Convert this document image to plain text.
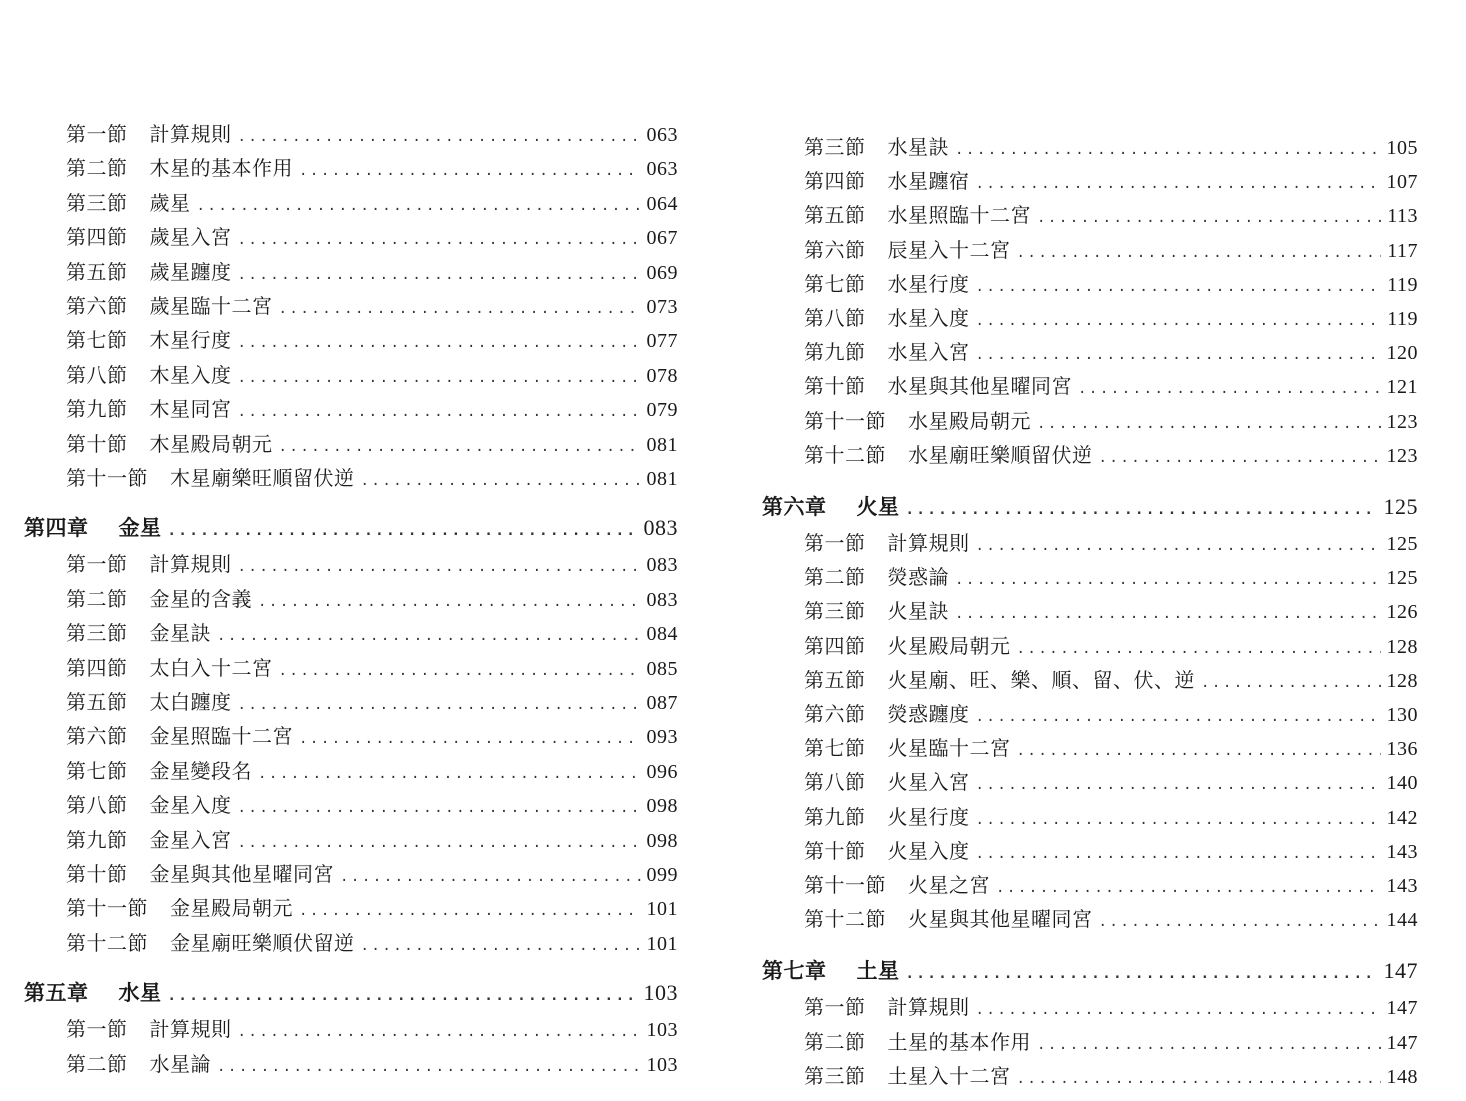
第一節 計算規則 .....	063
第二節 木星的基本作用 .....	063
第三節 歲星 .....	064
第四節 歲星入宮 .....	067
第五節 歲星躔度 .....	069
第六節 歲星臨十二宮 .....	073
第七節 木星行度 .....	077
第八節 木星入度 .....	078
第九節 木星同宮 .....	079
第十節 木星殿局朝元 .....	081
第十一節 木星廟樂旺順留伏逆 .....	081
第四章 金星 .....	083
第一節 計算規則 .....	083
第二節 金星的含義 .....	083
第三節 金星訣 .....	084
第四節 太白入十二宮 .....	085
第五節 太白躔度 .....	087
第六節 金星照臨十二宮 .....	093
第七節 金星變段名 .....	096
第八節 金星入度 .....	098
第九節 金星入宮 .....	098
第十節 金星與其他星曜同宮 .....	099
第十一節 金星殿局朝元 .....	101
第十二節 金星廟旺樂順伏留逆 .....	101
第五章 水星 .....	103
第一節 計算規則 .....	103
第二節 水星論 .....	103
第三節 水星訣 .....	105
第四節 水星躔宿 .....	107
第五節 水星照臨十二宮 .....	113
第六節 辰星入十二宮 .....	117
第七節 水星行度 .....	119
第八節 水星入度 .....	119
第九節 水星入宮 .....	120
第十節 水星與其他星曜同宮 .....	121
第十一節 水星殿局朝元 .....	123
第十二節 水星廟旺樂順留伏逆 .....	123
第六章 火星 .....	125
第一節 計算規則 .....	125
第二節 熒惑論 .....	125
第三節 火星訣 .....	126
第四節 火星殿局朝元 .....	128
第五節 火星廟、旺、樂、順、留、伏、逆 .....	128
第六節 熒惑躔度 .....	130
第七節 火星臨十二宮 .....	136
第八節 火星入宮 .....	140
第九節 火星行度 .....	142
第十節 火星入度 .....	143
第十一節 火星之宮 .....	143
第十二節 火星與其他星曜同宮 .....	144
第七章 土星 .....	147
第一節 計算規則 .....	147
第二節 土星的基本作用 .....	147
第三節 土星入十二宮 .....	148
